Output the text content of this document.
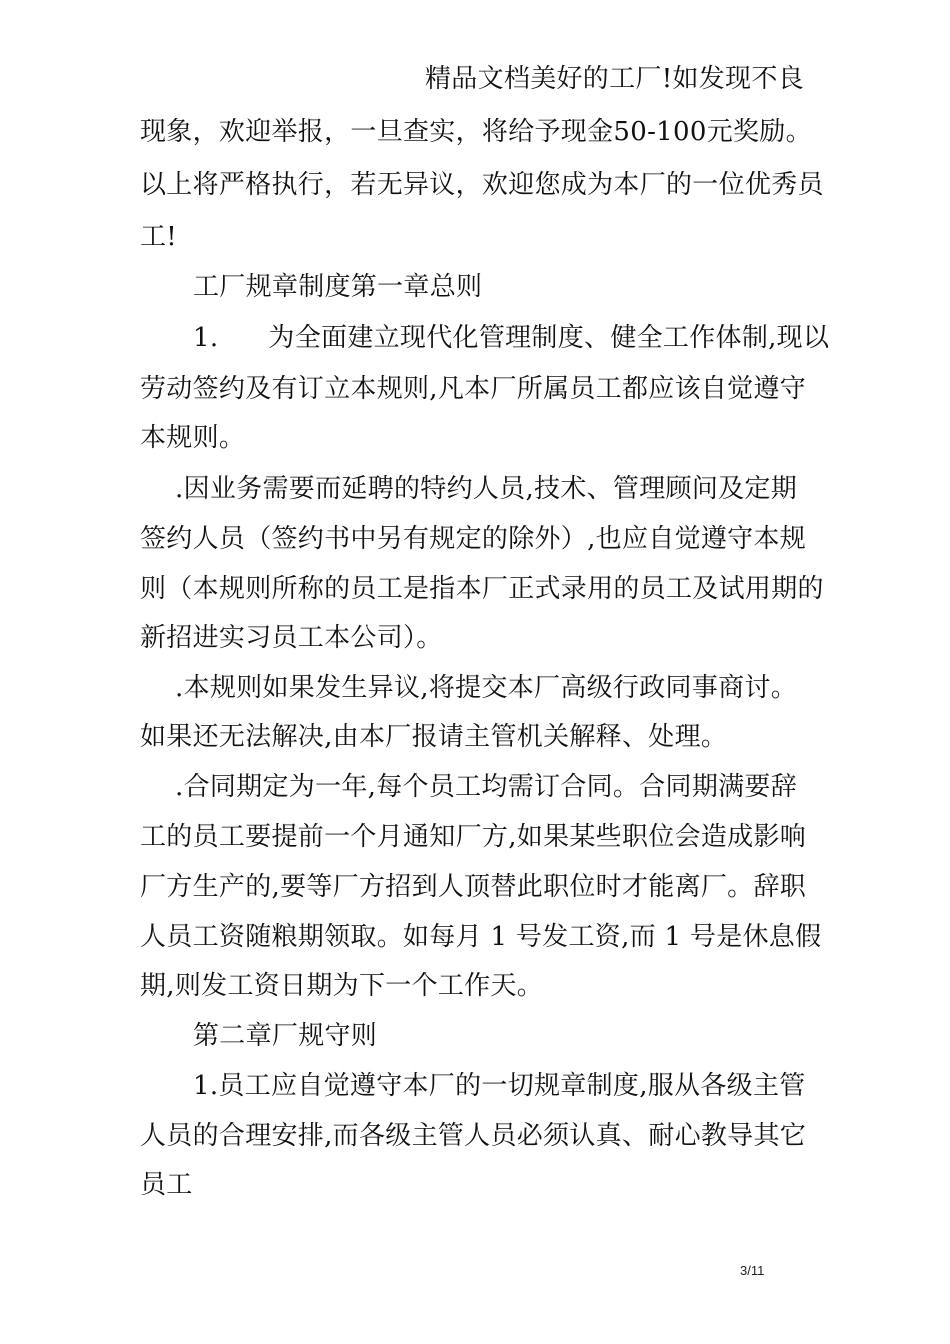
精品文档美好的工厂!如发现不良
现象，欢迎举报，一旦查实，将给予现金50-100元奖励。
以上将严格执行，若无异议，欢迎您成为本厂的一位优秀员
工!
工厂规章制度第一章总则
1. 为全面建立现代化管理制度、健全工作体制,现以
劳动签约及有订立本规则,凡本厂所属员工都应该自觉遵守
本规则。
.因业务需要而延聘的特约人员,技术、管理顾问及定期
签约人员（签约书中另有规定的除外）,也应自觉遵守本规
则（本规则所称的员工是指本厂正式录用的员工及试用期的
新招进实习员工本公司）。
.本规则如果发生异议,将提交本厂高级行政同事商讨。
如果还无法解决,由本厂报请主管机关解释、处理。
.合同期定为一年,每个员工均需订合同。合同期满要辞
工的员工要提前一个月通知厂方,如果某些职位会造成影响
厂方生产的,要等厂方招到人顶替此职位时才能离厂。辞职
人员工资随粮期领取。如每月 1 号发工资,而 1 号是休息假
期,则发工资日期为下一个工作天。
第二章厂规守则
1.员工应自觉遵守本厂的一切规章制度,服从各级主管
人员的合理安排,而各级主管人员必须认真、耐心教导其它
员工
3/11
